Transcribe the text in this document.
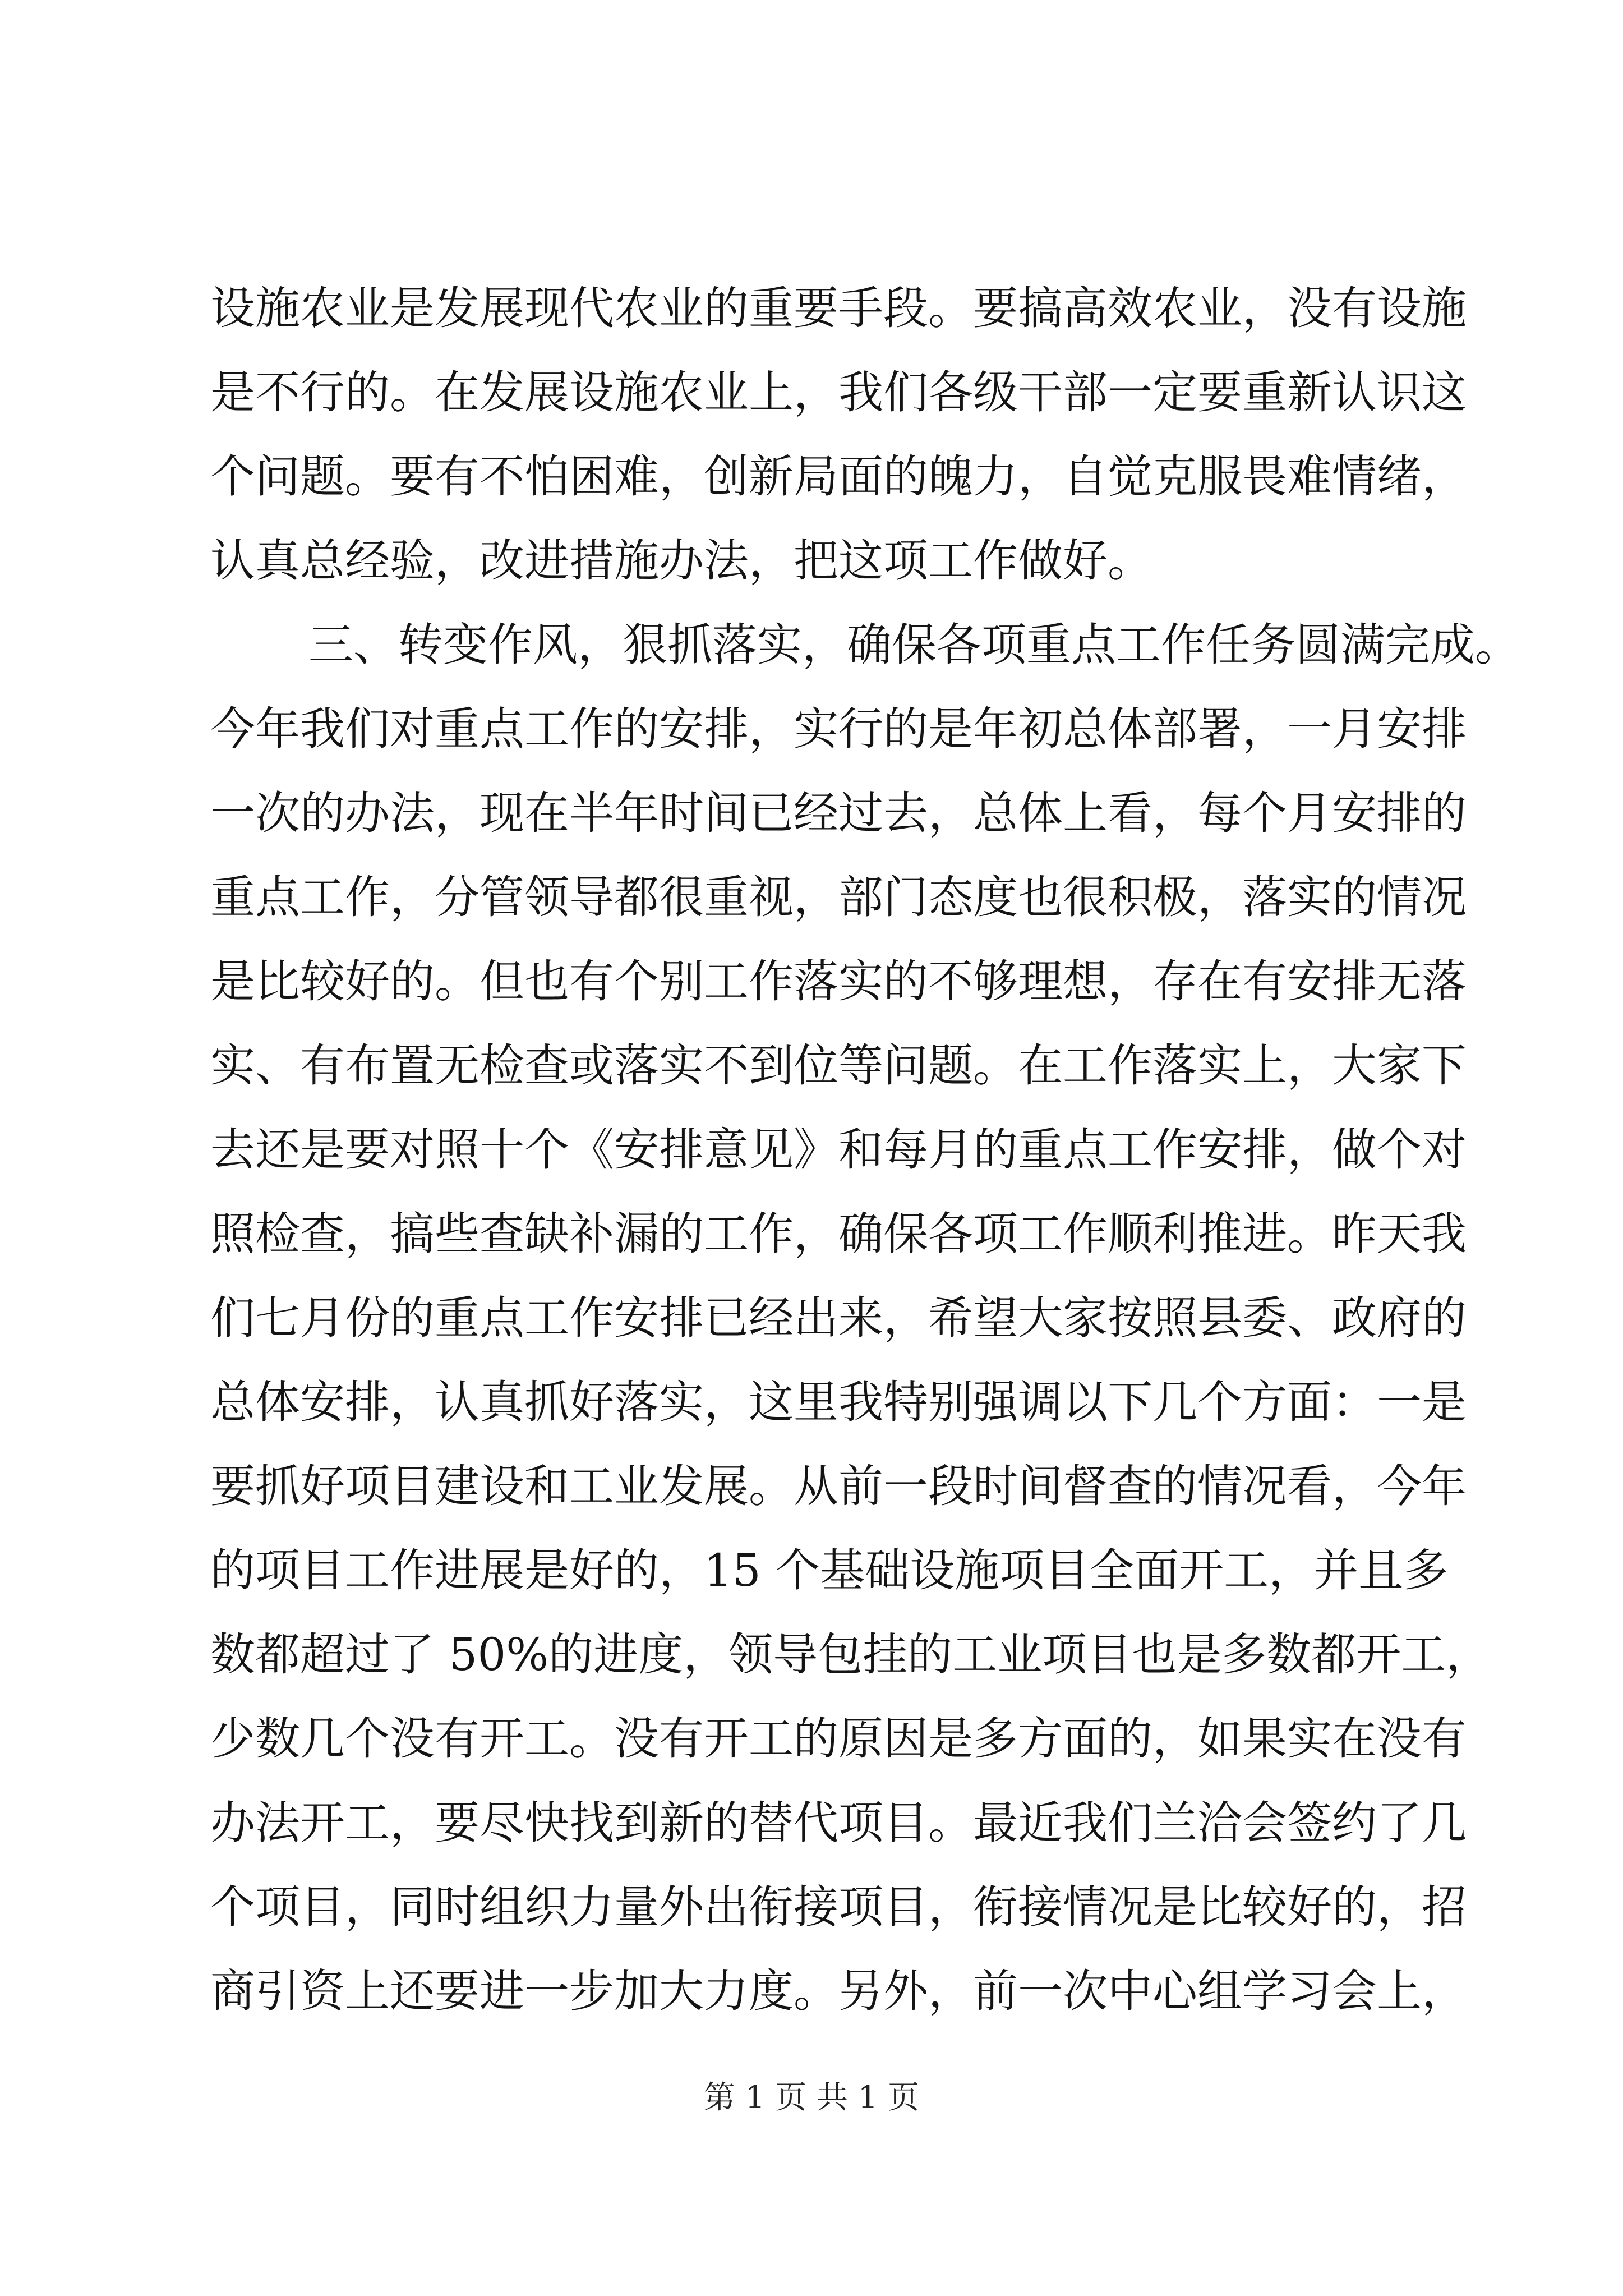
设施农业是发展现代农业的重要手段。要搞高效农业，没有设施
是不行的。在发展设施农业上，我们各级干部一定要重新认识这
个问题。要有不怕困难，创新局面的魄力，自觉克服畏难情绪，
认真总经验，改进措施办法，把这项工作做好。
三、转变作风，狠抓落实，确保各项重点工作任务圆满完成。
今年我们对重点工作的安排，实行的是年初总体部署，一月安排
一次的办法，现在半年时间已经过去，总体上看，每个月安排的
重点工作，分管领导都很重视，部门态度也很积极，落实的情况
是比较好的。但也有个别工作落实的不够理想，存在有安排无落
实、有布置无检查或落实不到位等问题。在工作落实上，大家下
去还是要对照十个《安排意见》和每月的重点工作安排，做个对
照检查，搞些查缺补漏的工作，确保各项工作顺利推进。昨天我
们七月份的重点工作安排已经出来，希望大家按照县委、政府的
总体安排，认真抓好落实，这里我特别强调以下几个方面：一是
要抓好项目建设和工业发展。从前一段时间督查的情况看，今年
的项目工作进展是好的，15 个基础设施项目全面开工，并且多
数都超过了 50%的进度，领导包挂的工业项目也是多数都开工，
少数几个没有开工。没有开工的原因是多方面的，如果实在没有
办法开工，要尽快找到新的替代项目。最近我们兰洽会签约了几
个项目，同时组织力量外出衔接项目，衔接情况是比较好的，招
商引资上还要进一步加大力度。另外，前一次中心组学习会上，
第 1 页 共 1 页
